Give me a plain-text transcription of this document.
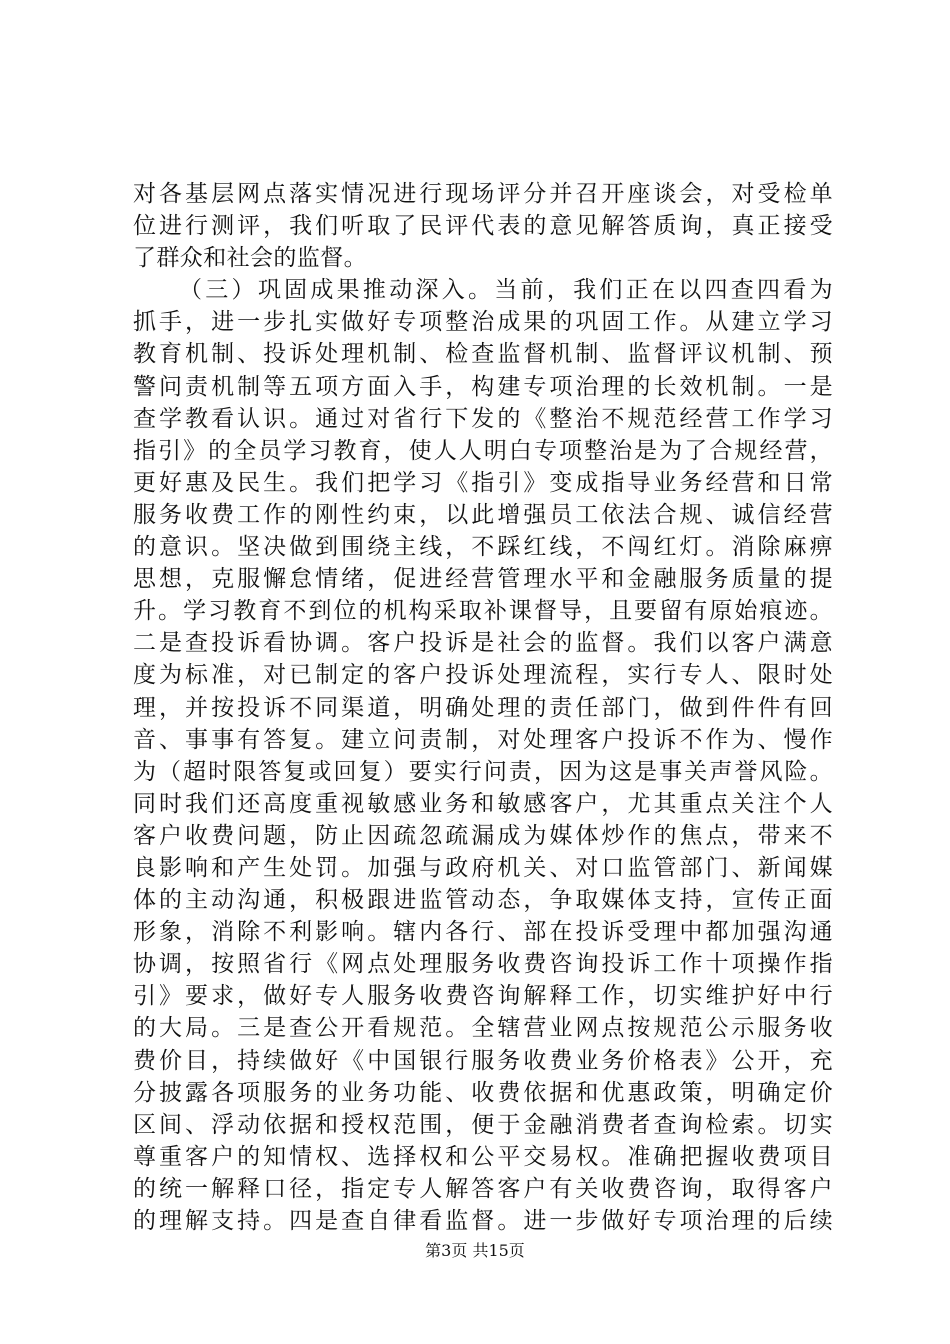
对各基层网点落实情况进行现场评分并召开座谈会，对受检单
位进行测评，我们听取了民评代表的意见解答质询，真正接受
了群众和社会的监督。
（三）巩固成果推动深入。当前，我们正在以四查四看为
抓手，进一步扎实做好专项整治成果的巩固工作。从建立学习
教育机制、投诉处理机制、检查监督机制、监督评议机制、预
警问责机制等五项方面入手，构建专项治理的长效机制。一是
查学教看认识。通过对省行下发的《整治不规范经营工作学习
指引》的全员学习教育，使人人明白专项整治是为了合规经营，
更好惠及民生。我们把学习《指引》变成指导业务经营和日常
服务收费工作的刚性约束，以此增强员工依法合规、诚信经营
的意识。坚决做到围绕主线，不踩红线，不闯红灯。消除麻痹
思想，克服懈怠情绪，促进经营管理水平和金融服务质量的提
升。学习教育不到位的机构采取补课督导，且要留有原始痕迹。
二是查投诉看协调。客户投诉是社会的监督。我们以客户满意
度为标准，对已制定的客户投诉处理流程，实行专人、限时处
理，并按投诉不同渠道，明确处理的责任部门，做到件件有回
音、事事有答复。建立问责制，对处理客户投诉不作为、慢作
为（超时限答复或回复）要实行问责，因为这是事关声誉风险。
同时我们还高度重视敏感业务和敏感客户，尤其重点关注个人
客户收费问题，防止因疏忽疏漏成为媒体炒作的焦点，带来不
良影响和产生处罚。加强与政府机关、对口监管部门、新闻媒
体的主动沟通，积极跟进监管动态，争取媒体支持，宣传正面
形象，消除不利影响。辖内各行、部在投诉受理中都加强沟通
协调，按照省行《网点处理服务收费咨询投诉工作十项操作指
引》要求，做好专人服务收费咨询解释工作，切实维护好中行
的大局。三是查公开看规范。全辖营业网点按规范公示服务收
费价目，持续做好《中国银行服务收费业务价格表》公开，充
分披露各项服务的业务功能、收费依据和优惠政策，明确定价
区间、浮动依据和授权范围，便于金融消费者查询检索。切实
尊重客户的知情权、选择权和公平交易权。准确把握收费项目
的统一解释口径，指定专人解答客户有关收费咨询，取得客户
的理解支持。四是查自律看监督。进一步做好专项治理的后续
第3页 共15页
